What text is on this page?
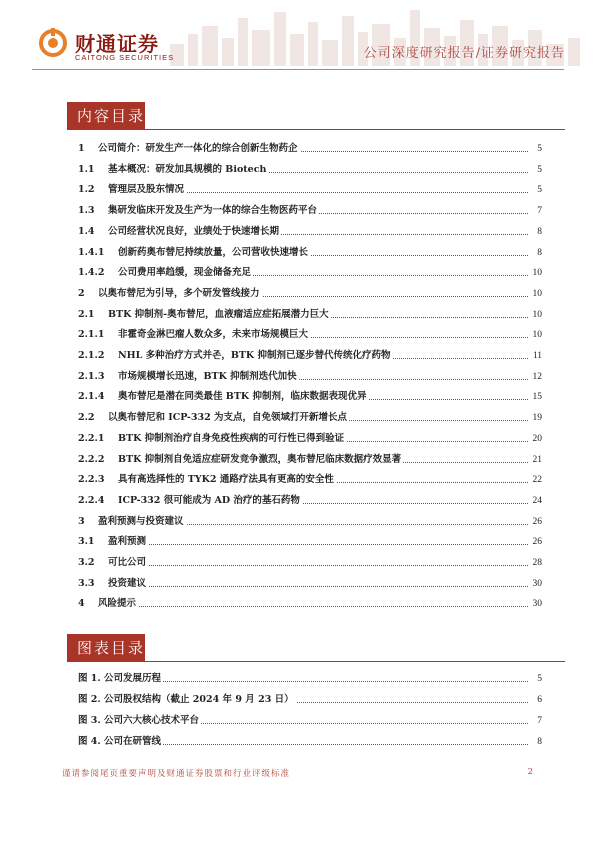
财通证券
CAITONG SECURITIES	公司深度研究报告/证券研究报告
内容目录
1 公司简介：研发生产一体化的综合创新生物药企	5
1.1 基本概况：研发加具规模的 Biotech	5
1.2 管理层及股东情况	5
1.3 集研发临床开发及生产为一体的综合生物医药平台	7
1.4 公司经营状况良好，业绩处于快速增长期	8
1.4.1 创新药奥布替尼持续放量，公司营收快速增长	8
1.4.2 公司费用率趋缓，现金储备充足	10
2 以奥布替尼为引导，多个研发管线接力	10
2.1 BTK 抑制剂-奥布替尼，血液瘤适应症拓展潜力巨大	10
2.1.1 非霍奇金淋巴瘤人数众多，未来市场规模巨大	10
2.1.2 NHL 多种治疗方式并존，BTK 抑制剂已逐步替代传统化疗药物	11
2.1.3 市场规模增长迅速，BTK 抑制剂迭代加快	12
2.1.4 奥布替尼是潜在同类最佳 BTK 抑制剂，临床数据表现优异	15
2.2 以奥布替尼和 ICP-332 为支点，自免领域打开新增长点	19
2.2.1 BTK 抑制剂治疗自身免疫性疾病的可行性已得到验证	20
2.2.2 BTK 抑制剂自免适应症研发竞争激烈，奥布替尼临床数据疗效显著	21
2.2.3 具有高选择性的 TYK2 通路疗法具有更高的安全性	22
2.2.4 ICP-332 很可能成为 AD 治疗的基石药物	24
3 盈利预测与投资建议	26
3.1 盈利预测	26
3.2 可比公司	28
3.3 投资建议	30
4 风险提示	30
图表目录
图 1. 公司发展历程	5
图 2. 公司股权结构（截止 2024 年 9 月 23 日）	6
图 3. 公司六大核心技术平台	7
图 4. 公司在研管线	8
谨请参阅尾页重要声明及财通证券股票和行业评级标准	2
